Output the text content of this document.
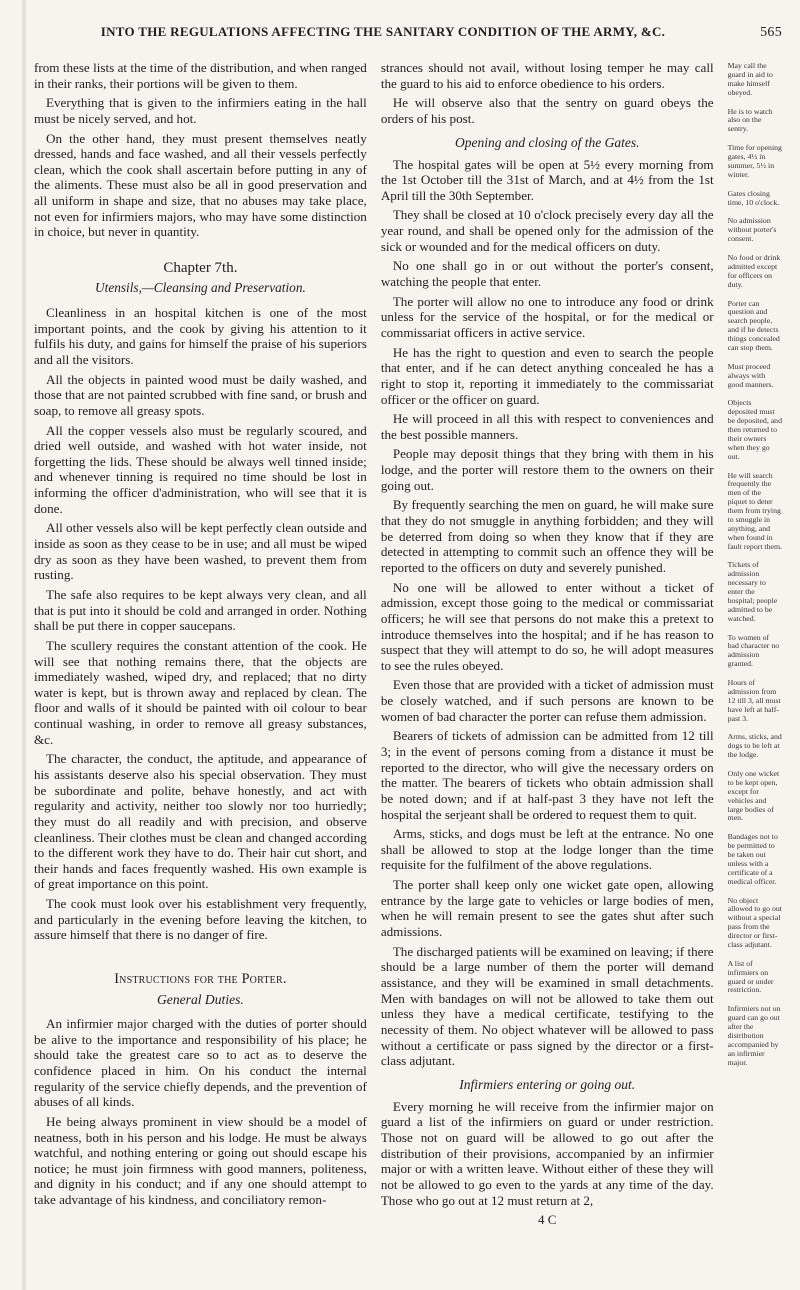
INTO THE REGULATIONS AFFECTING THE SANITARY CONDITION OF THE ARMY, &C.	565

from these lists at the time of the distribution, and when ranged in their ranks, their portions will be given to them.

Everything that is given to the infirmiers eating in the hall must be nicely served, and hot.

On the other hand, they must present themselves neatly dressed, hands and face washed, and all their vessels perfectly clean, which the cook shall ascertain before putting in any of the aliments. These must also be all in good preservation and all uniform in shape and size, that no abuses may take place, not even for infirmiers majors, who may have some distinction in choice, but never in quantity.

Chapter 7th.
Utensils,—Cleansing and Preservation.

Cleanliness in an hospital kitchen is one of the most important points, and the cook by giving his attention to it fulfils his duty, and gains for himself the praise of his superiors and all the visitors.

All the objects in painted wood must be daily washed, and those that are not painted scrubbed with fine sand, or brush and soap, to remove all greasy spots.

All the copper vessels also must be regularly scoured, and dried well outside, and washed with hot water inside, not forgetting the lids. These should be always well tinned inside; and whenever tinning is required no time should be lost in informing the officer d'administration, who will see that it is done.

All other vessels also will be kept perfectly clean outside and inside as soon as they cease to be in use; and all must be wiped dry as soon as they have been washed, to prevent them from rusting.

The safe also requires to be kept always very clean, and all that is put into it should be cold and arranged in order. Nothing shall be put there in copper saucepans.

The scullery requires the constant attention of the cook. He will see that nothing remains there, that the objects are immediately washed, wiped dry, and replaced; that no dirty water is kept, but is thrown away and replaced by clean. The floor and walls of it should be painted with oil colour to bear continual washing, in order to remove all greasy substances, &c.

The character, the conduct, the aptitude, and appearance of his assistants deserve also his special observation. They must be subordinate and polite, behave honestly, and act with regularity and activity, neither too slowly nor too hurriedly; they must do all readily and with precision, and observe cleanliness. Their clothes must be clean and changed according to the different work they have to do. Their hair cut short, and their hands and faces frequently washed. His own example is of great importance on this point.

The cook must look over his establishment very frequently, and particularly in the evening before leaving the kitchen, to assure himself that there is no danger of fire.

Instructions for the Porter.
General Duties.

An infirmier major charged with the duties of porter should be alive to the importance and responsibility of his place; he should take the greatest care so to act as to deserve the confidence placed in him. On his conduct the internal regularity of the service chiefly depends, and the prevention of abuses of all kinds.

He being always prominent in view should be a model of neatness, both in his person and his lodge. He must be always watchful, and nothing entering or going out should escape his notice; he must join firmness with good manners, politeness, and dignity in his conduct; and if any one should attempt to take advantage of his kindness, and conciliatory remon-

strances should not avail, without losing temper he may call the guard to his aid to enforce obedience to his orders.

He will observe also that the sentry on guard obeys the orders of his post.

Opening and closing of the Gates.

The hospital gates will be open at 5½ every morning from the 1st October till the 31st of March, and at 4½ from the 1st April till the 30th September.

They shall be closed at 10 o'clock precisely every day all the year round, and shall be opened only for the admission of the sick or wounded and for the medical officers on duty.

No one shall go in or out without the porter's consent, watching the people that enter.

The porter will allow no one to introduce any food or drink unless for the service of the hospital, or for the medical or commissariat officers in active service.

He has the right to question and even to search the people that enter, and if he can detect anything concealed he has a right to stop it, reporting it immediately to the commissariat officer or the officer on guard.

He will proceed in all this with respect to conveniences and the best possible manners.

People may deposit things that they bring with them in his lodge, and the porter will restore them to the owners on their going out.

By frequently searching the men on guard, he will make sure that they do not smuggle in anything forbidden; and they will be deterred from doing so when they know that if they are detected in attempting to commit such an offence they will be reported to the officers on duty and severely punished.

No one will be allowed to enter without a ticket of admission, except those going to the medical or commissariat officers; he will see that persons do not make this a pretext to introduce themselves into the hospital; and if he has reason to suspect that they will attempt to do so, he will adopt measures to see the rules obeyed.

Even those that are provided with a ticket of admission must be closely watched, and if such persons are known to be women of bad character the porter can refuse them admission.

Bearers of tickets of admission can be admitted from 12 till 3; in the event of persons coming from a distance it must be reported to the director, who will give the necessary orders on the matter. The bearers of tickets who obtain admission shall be noted down; and if at half-past 3 they have not left the hospital the serjeant shall be ordered to request them to quit.

Arms, sticks, and dogs must be left at the entrance. No one shall be allowed to stop at the lodge longer than the time requisite for the fulfilment of the above regulations.

The porter shall keep only one wicket gate open, allowing entrance by the large gate to vehicles or large bodies of men, when he will remain present to see the gates shut after such admissions.

The discharged patients will be examined on leaving; if there should be a large number of them the porter will demand assistance, and they will be examined in small detachments. Men with bandages on will not be allowed to take them out unless they have a medical certificate, testifying to the necessity of them. No object whatever will be allowed to pass without a certificate or pass signed by the director or a first-class adjutant.

Infirmiers entering or going out.

Every morning he will receive from the infirmier major on guard a list of the infirmiers on guard or under restriction. Those not on guard will be allowed to go out after the distribution of their provisions, accompanied by an infirmier major or with a written leave. Without either of these they will not be allowed to go even to the yards at any time of the day. Those who go out at 12 must return at 2,

4 C
May call the guard in aid to make himself obeyed.
He is to watch also on the sentry.
Time for opening gates, 4½ in summer, 5½ in winter.
Gates closing time, 10 o'clock.
No admission without porter's consent.
No food or drink admitted except for officers on duty.
Porter can question and search people, and if he detects things concealed can stop them.
Must proceed always with good manners.
Objects deposited must be deposited, and then returned to their owners when they go out.
He will search frequently the men of the piquet to deter them from trying to smuggle in anything, and when found in fault report them.
Tickets of admission necessary to enter the hospital; people admitted to be watched.
To women of bad character no admission granted.
Hours of admission from 12 till 3, all must have left at half-past 3.
Arms, sticks, and dogs to be left at the lodge.
Only one wicket to be kept open, except for vehicles and large bodies of men.
Bandages not to be permitted to be taken out unless with a certificate of a medical officer.
No object allowed to go out without a special pass from the director or first-class adjutant.
A list of infirmiers on guard or under restriction.
Infirmiers not on guard can go out after the distribution accompanied by an infirmier major.
